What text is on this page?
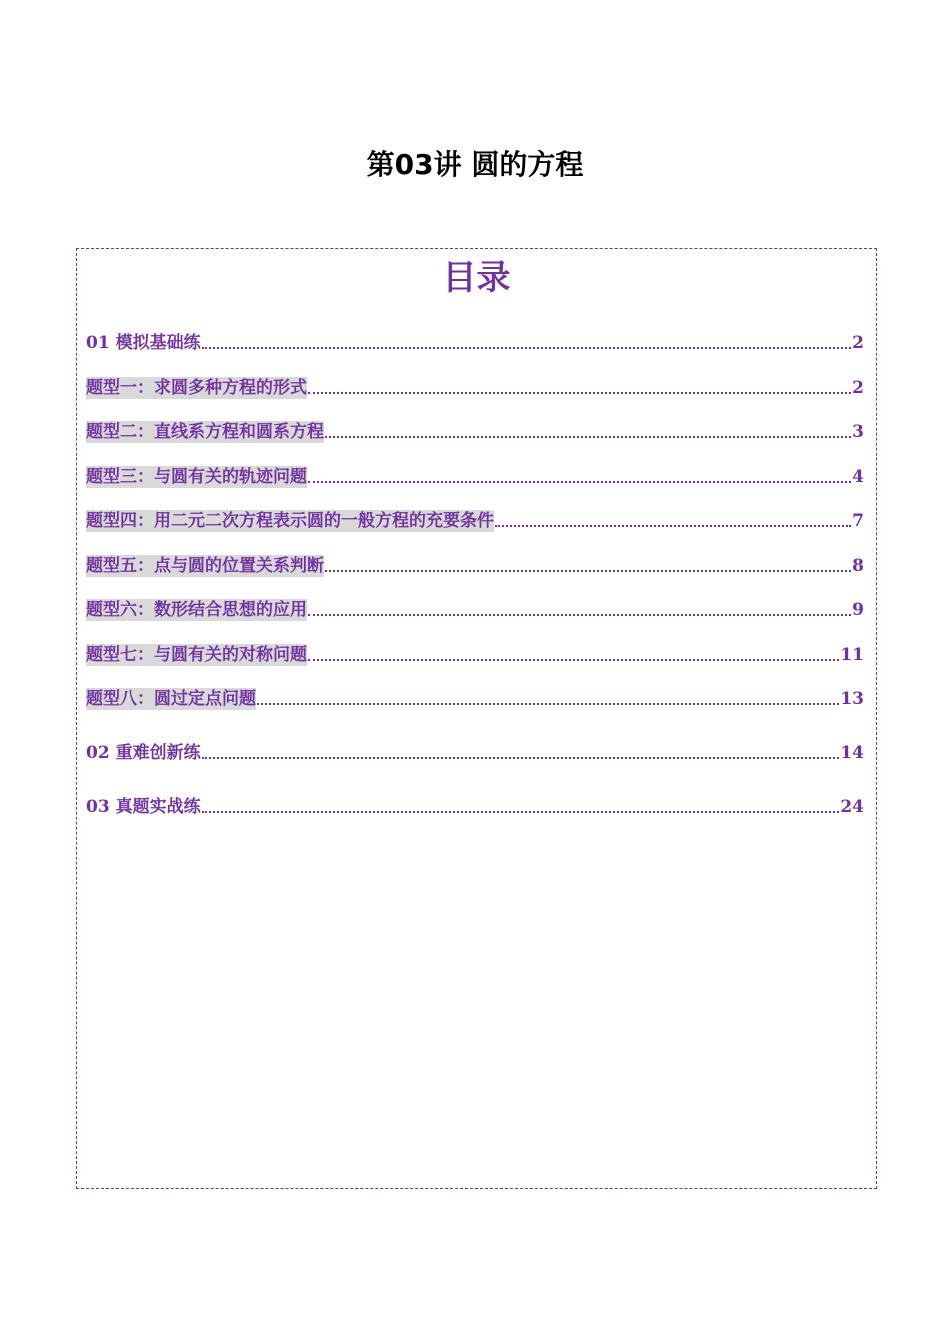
第03讲 圆的方程
目录
01 模拟基础练	2
题型一：求圆多种方程的形式	2
题型二：直线系方程和圆系方程	3
题型三：与圆有关的轨迹问题	4
题型四：用二元二次方程表示圆的一般方程的充要条件	7
题型五：点与圆的位置关系判断	8
题型六：数形结合思想的应用	9
题型七：与圆有关的对称问题	11
题型八：圆过定点问题	13
02 重难创新练	14
03 真题实战练	24
